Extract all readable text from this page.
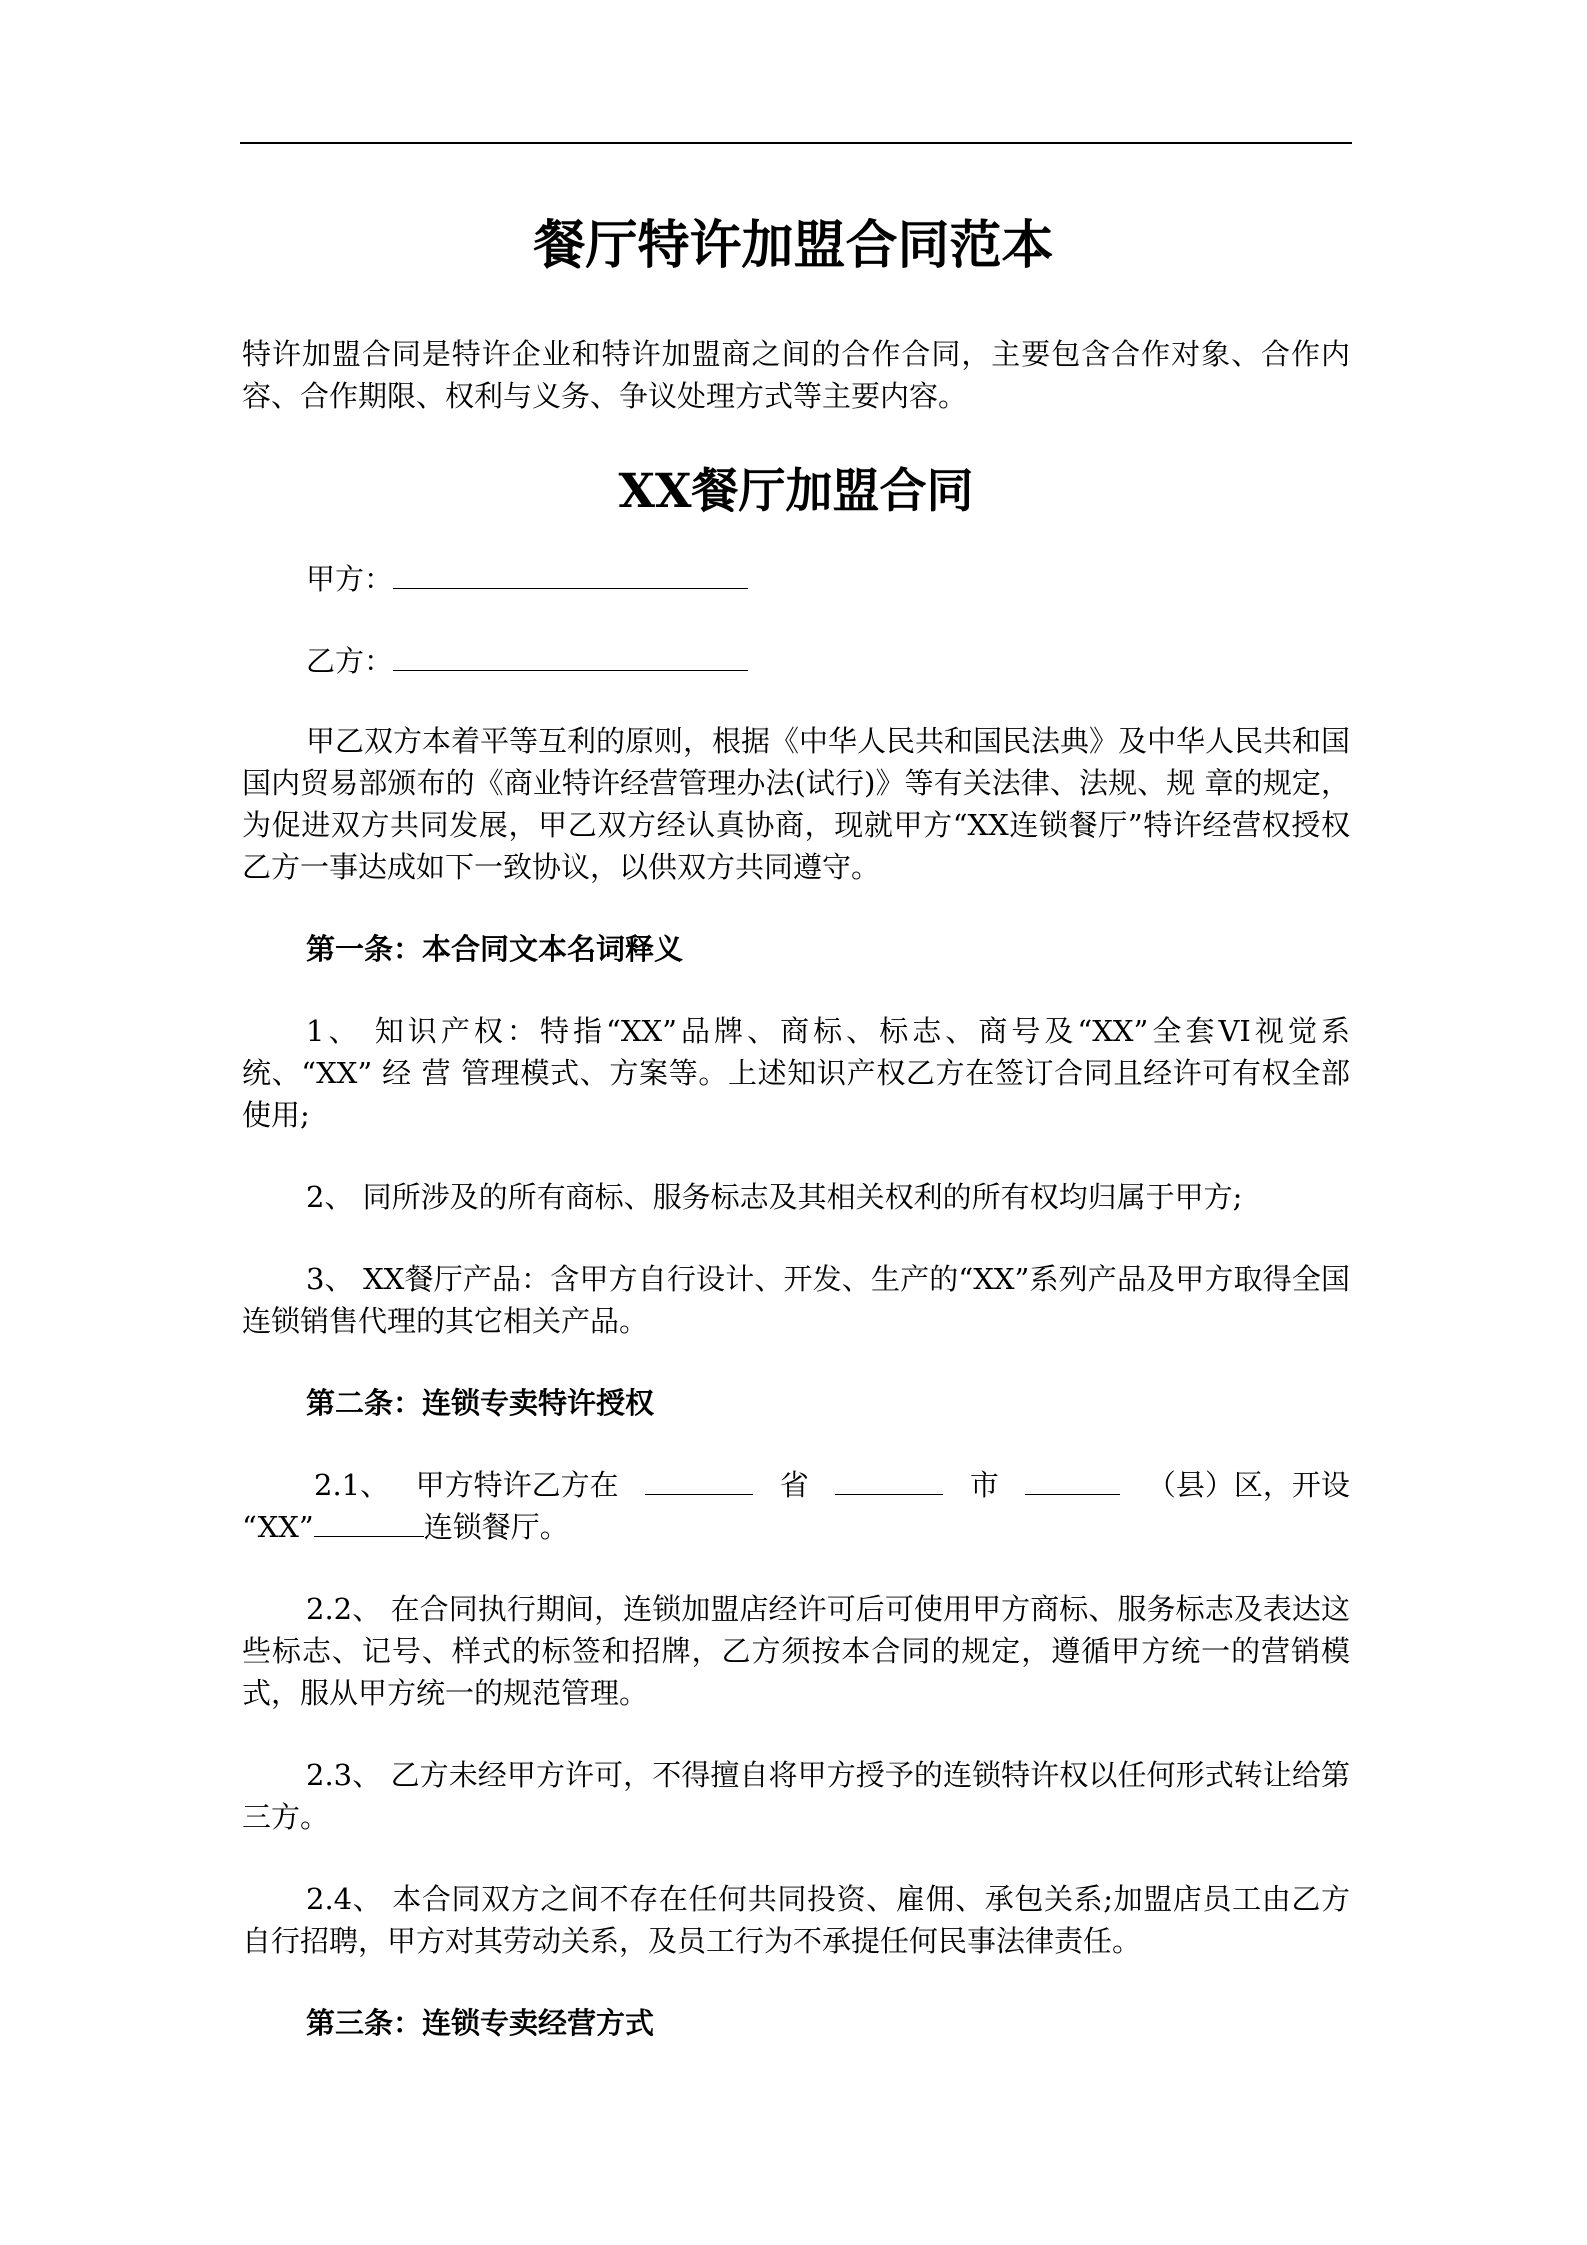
餐厅特许加盟合同范本

特许加盟合同是特许企业和特许加盟商之间的合作合同，主要包含合作对象、合作内容、合作期限、权利与义务、争议处理方式等主要内容。

XX餐厅加盟合同
甲方：
乙方：

甲乙双方本着平等互利的原则，根据《中华人民共和国民法典》及中华人民共和国国内贸易部颁布的《商业特许经营管理办法(试行)》等有关法律、法规、规 章的规定，为促进双方共同发展，甲乙双方经认真协商，现就甲方“XX连锁餐厅”特许经营权授权乙方一事达成如下一致协议，以供双方共同遵守。

第一条：本合同文本名词释义

1、 知识产权：特指“XX”品牌、商标、标志、商号及“XX”全套VI视觉系统、“XX” 经 营 管理模式、方案等。上述知识产权乙方在签订合同且经许可有权全部使用;

2、 同所涉及的所有商标、服务标志及其相关权利的所有权均归属于甲方;

3、 XX餐厅产品：含甲方自行设计、开发、生产的“XX”系列产品及甲方取得全国连锁销售代理的其它相关产品。

第二条：连锁专卖特许授权

2.1、 甲方特许乙方在	省	市	（县）区，开设
“XX”	连锁餐厅。

2.2、 在合同执行期间，连锁加盟店经许可后可使用甲方商标、服务标志及表达这些标志、记号、样式的标签和招牌，乙方须按本合同的规定，遵循甲方统一的营销模式，服从甲方统一的规范管理。

2.3、 乙方未经甲方许可，不得擅自将甲方授予的连锁特许权以任何形式转让给第三方。

2.4、 本合同双方之间不存在任何共同投资、雇佣、承包关系;加盟店员工由乙方自行招聘，甲方对其劳动关系，及员工行为不承提任何民事法律责任。

第三条：连锁专卖经营方式
